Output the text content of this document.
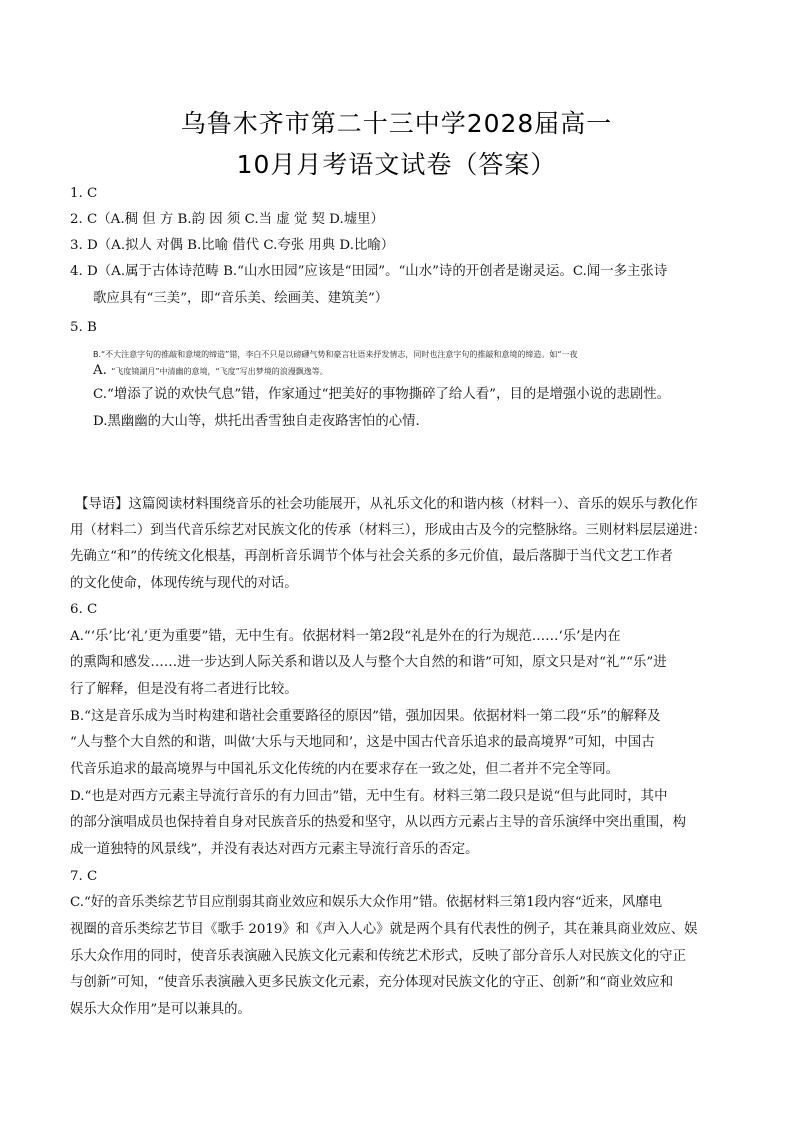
乌鲁木齐市第二十三中学2028届高一
10月月考语文试卷（答案）
1. C
2. C（A.稠 但 方 B.韵 因 须 C.当 虚 觉 契 D.墟里）
3. D（A.拟人 对偶 B.比喻 借代 C.夸张 用典 D.比喻）
4. D（A.属于古体诗范畴 B.“山水田园”应该是“田园”。“山水”诗的开创者是谢灵运。C.闻一多主张诗
歌应具有“三美”，即“音乐美、绘画美、建筑美”）
5. B
B.“不大注意字句的推敲和意境的缔造”错，李白不只是以磅礴气势和豪言壮语来抒发情志，同时也注意字句的推敲和意境的缔造。如“一夜
A. “飞度镜湖月”中清幽的意境，“飞度”写出梦境的浪漫飘逸等。
C.“增添了说的欢快气息”错，作家通过“把美好的事物撕碎了给人看”，目的是增强小说的悲剧性。
D.黑幽幽的大山等，烘托出香雪独自走夜路害怕的心情.
【导语】这篇阅读材料围绕音乐的社会功能展开，从礼乐文化的和谐内核（材料一）、音乐的娱乐与教化作
用（材料二）到当代音乐综艺对民族文化的传承（材料三），形成由古及今的完整脉络。三则材料层层递进：
先确立“和”的传统文化根基，再剖析音乐调节个体与社会关系的多元价值，最后落脚于当代文艺工作者
的文化使命，体现传统与现代的对话。
6. C
A.“‘乐’比‘礼’更为重要”错，无中生有。依据材料一第2段“礼是外在的行为规范……‘乐’是内在
的熏陶和感发……进一步达到人际关系和谐以及人与整个大自然的和谐”可知，原文只是对“礼”“乐”进
行了解释，但是没有将二者进行比较。
B.“这是音乐成为当时构建和谐社会重要路径的原因”错，强加因果。依据材料一第二段“乐”的解释及
“人与整个大自然的和谐，叫做‘大乐与天地同和’，这是中国古代音乐追求的最高境界”可知，中国古
代音乐追求的最高境界与中国礼乐文化传统的内在要求存在一致之处，但二者并不完全等同。
D.“也是对西方元素主导流行音乐的有力回击”错，无中生有。材料三第二段只是说“但与此同时，其中
的部分演唱成员也保持着自身对民族音乐的热爱和坚守，从以西方元素占主导的音乐演绎中突出重围，构
成一道独特的风景线”，并没有表达对西方元素主导流行音乐的否定。
7. C
C.“好的音乐类综艺节目应削弱其商业效应和娱乐大众作用”错。依据材料三第1段内容“近来，风靡电
视圈的音乐类综艺节目《歌手 2019》和《声入人心》就是两个具有代表性的例子，其在兼具商业效应、娱
乐大众作用的同时，使音乐表演融入民族文化元素和传统艺术形式，反映了部分音乐人对民族文化的守正
与创新”可知，“使音乐表演融入更多民族文化元素，充分体现对民族文化的守正、创新”和“商业效应和
娱乐大众作用”是可以兼具的。
